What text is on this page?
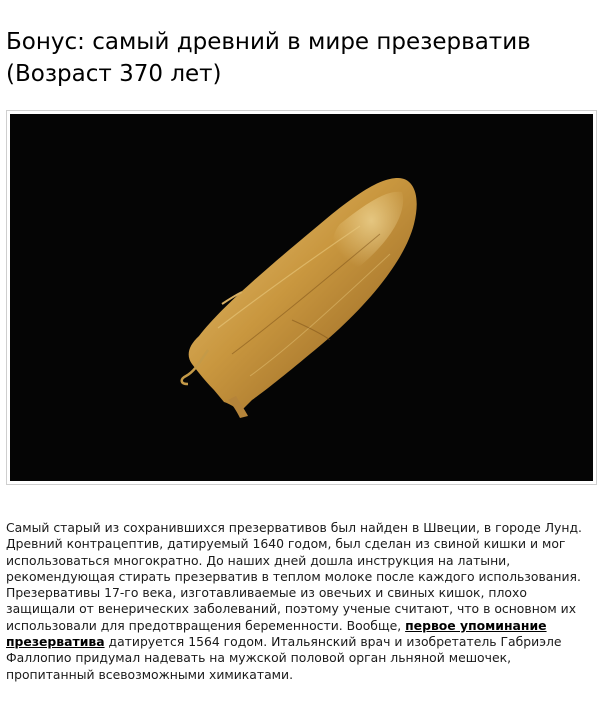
Бонус: самый древний в мире презерватив
(Возраст 370 лет)

Самый старый из сохранившихся презервативов был найден в Швеции, в городе Лунд. Древний контрацептив, датируемый 1640 годом, был сделан из свиной кишки и мог использоваться многократно. До наших дней дошла инструкция на латыни, рекомендующая стирать презерватив в теплом молоке после каждого использования. Презервативы 17-го века, изготавливаемые из овечьих и свиных кишок, плохо защищали от венерических заболеваний, поэтому ученые считают, что в основном их использовали для предотвращения беременности. Вообще, первое упоминание презерватива датируется 1564 годом. Итальянский врач и изобретатель Габриэле Фаллопио придумал надевать на мужской половой орган льняной мешочек, пропитанный всевозможными химикатами.
